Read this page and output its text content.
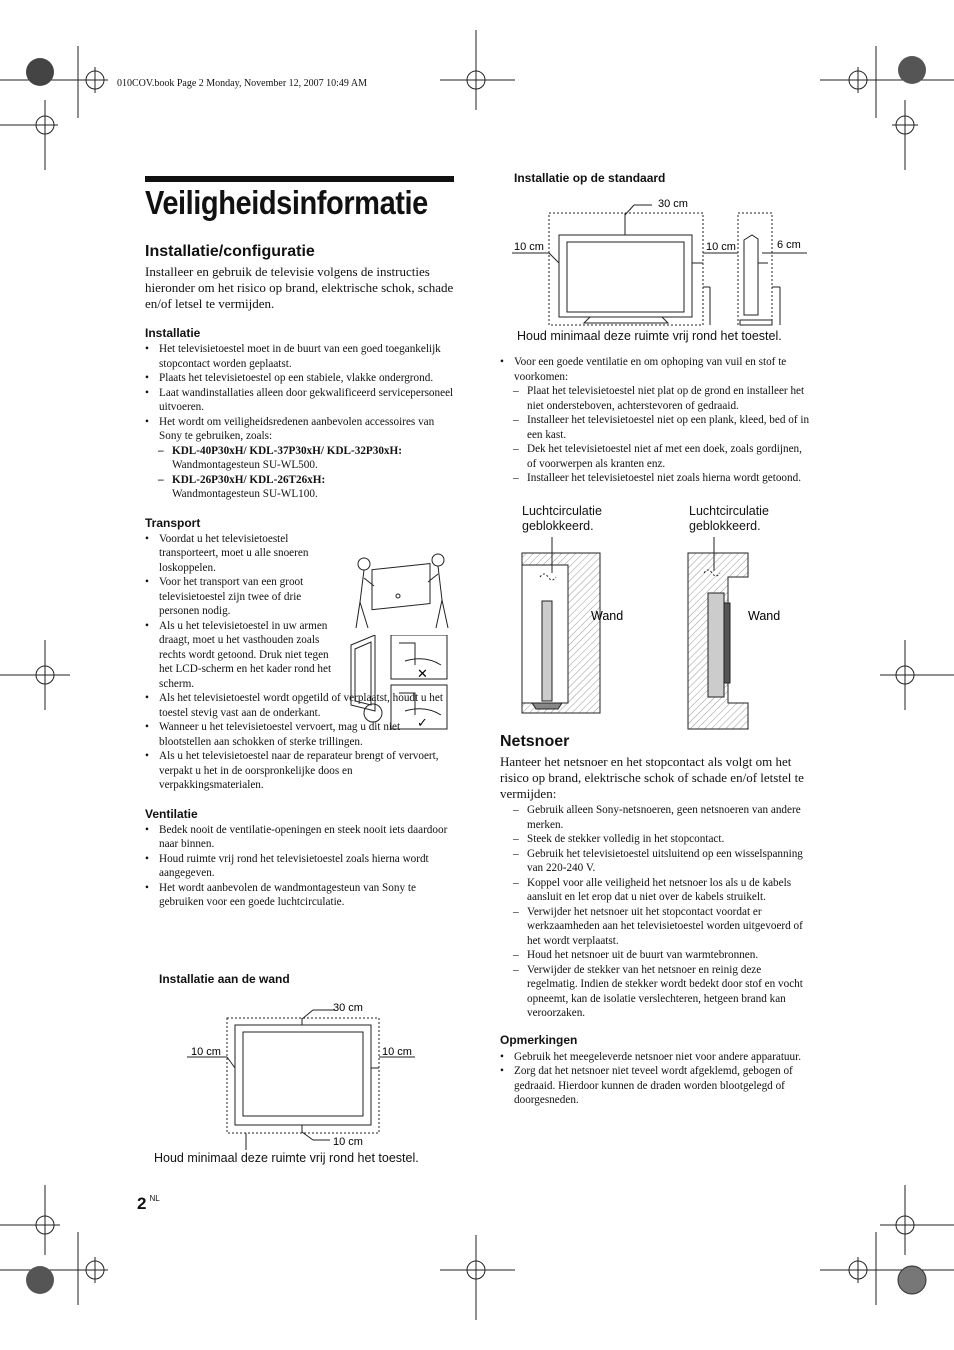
010COV.book Page 2 Monday, November 12, 2007 10:49 AM
Veiligheidsinformatie
Installatie/configuratie

Installeer en gebruik de televisie volgens de instructies hieronder om het risico op brand, elektrische schok, schade en/of letsel te vermijden.

Installatie
• Het televisietoestel moet in de buurt van een goed toegankelijk stopcontact worden geplaatst.
• Plaats het televisietoestel op een stabiele, vlakke ondergrond.
• Laat wandinstallaties alleen door gekwalificeerd servicepersoneel uitvoeren.
• Het wordt om veiligheidsredenen aanbevolen accessoires van Sony te gebruiken, zoals:
– KDL-40P30xH/ KDL-37P30xH/ KDL-32P30xH:
Wandmontagesteun SU-WL500.
– KDL-26P30xH/ KDL-26T26xH:
Wandmontagesteun SU-WL100.
Transport
• Voordat u het televisietoestel transporteert, moet u alle snoeren loskoppelen.
• Voor het transport van een groot televisietoestel zijn twee of drie personen nodig.
• Als u het televisietoestel in uw armen draagt, moet u het vasthouden zoals rechts wordt getoond. Druk niet tegen het LCD-scherm en het kader rond het scherm.
• Als het televisietoestel wordt opgetild of verplaatst, houdt u het toestel stevig vast aan de onderkant.
• Wanneer u het televisietoestel vervoert, mag u dit niet blootstellen aan schokken of sterke trillingen.
• Als u het televisietoestel naar de reparateur brengt of vervoert, verpakt u het in de oorspronkelijke doos en verpakkingsmaterialen.
Ventilatie
• Bedek nooit de ventilatie-openingen en steek nooit iets daardoor naar binnen.
• Houd ruimte vrij rond het televisietoestel zoals hierna wordt aangegeven.
• Het wordt aanbevolen de wandmontagesteun van Sony te gebruiken voor een goede luchtcirculatie.
✕
✓
Installatie aan de wand
30 cm
10 cm	10 cm
10 cm
Houd minimaal deze ruimte vrij rond het toestel.
Installatie op de standaard
30 cm
10 cm	10 cm	6 cm
Houd minimaal deze ruimte vrij rond het toestel.
• Voor een goede ventilatie en om ophoping van vuil en stof te voorkomen:
– Plaat het televisietoestel niet plat op de grond en installeer het niet ondersteboven, achterstevoren of gedraaid.
– Installeer het televisietoestel niet op een plank, kleed, bed of in een kast.
– Dek het televisietoestel niet af met een doek, zoals gordijnen, of voorwerpen als kranten enz.
– Installeer het televisietoestel niet zoals hierna wordt getoond.
Luchtcirculatie
geblokkeerd.
Luchtcirculatie
geblokkeerd.
Wand	Wand
Netsnoer

Hanteer het netsnoer en het stopcontact als volgt om het risico op brand, elektrische schok of schade en/of letstel te vermijden:

– Gebruik alleen Sony-netsnoeren, geen netsnoeren van andere merken.
– Steek de stekker volledig in het stopcontact.
– Gebruik het televisietoestel uitsluitend op een wisselspanning van 220-240 V.
– Koppel voor alle veiligheid het netsnoer los als u de kabels aansluit en let erop dat u niet over de kabels struikelt.
– Verwijder het netsnoer uit het stopcontact voordat er werkzaamheden aan het televisietoestel worden uitgevoerd of het wordt verplaatst.
– Houd het netsnoer uit de buurt van warmtebronnen.
– Verwijder de stekker van het netsnoer en reinig deze regelmatig. Indien de stekker wordt bedekt door stof en vocht opneemt, kan de isolatie verslechteren, hetgeen brand kan veroorzaken.
Opmerkingen
• Gebruik het meegeleverde netsnoer niet voor andere apparatuur.
• Zorg dat het netsnoer niet teveel wordt afgeklemd, gebogen of gedraaid. Hierdoor kunnen de draden worden blootgelegd of doorgesneden.
2 $^{NL}$
